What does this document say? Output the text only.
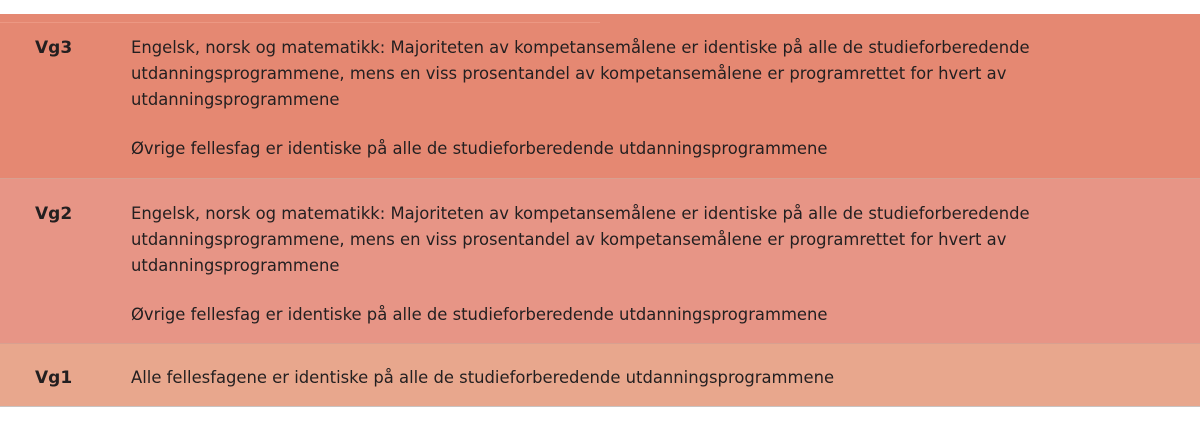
Vg3	Engelsk, norsk og matematikk: Majoriteten av kompetansemålene er identiske på alle de studieforberedende utdanningsprogrammene, mens en viss prosentandel av kompetansemålene er programrettet for hvert av utdanningsprogrammene

Øvrige fellesfag er identiske på alle de studieforberedende utdanningsprogrammene

Vg2	Engelsk, norsk og matematikk: Majoriteten av kompetansemålene er identiske på alle de studieforberedende utdanningsprogrammene, mens en viss prosentandel av kompetansemålene er programrettet for hvert av utdanningsprogrammene

Øvrige fellesfag er identiske på alle de studieforberedende utdanningsprogrammene

Vg1	Alle fellesfagene er identiske på alle de studieforberedende utdanningsprogrammene
